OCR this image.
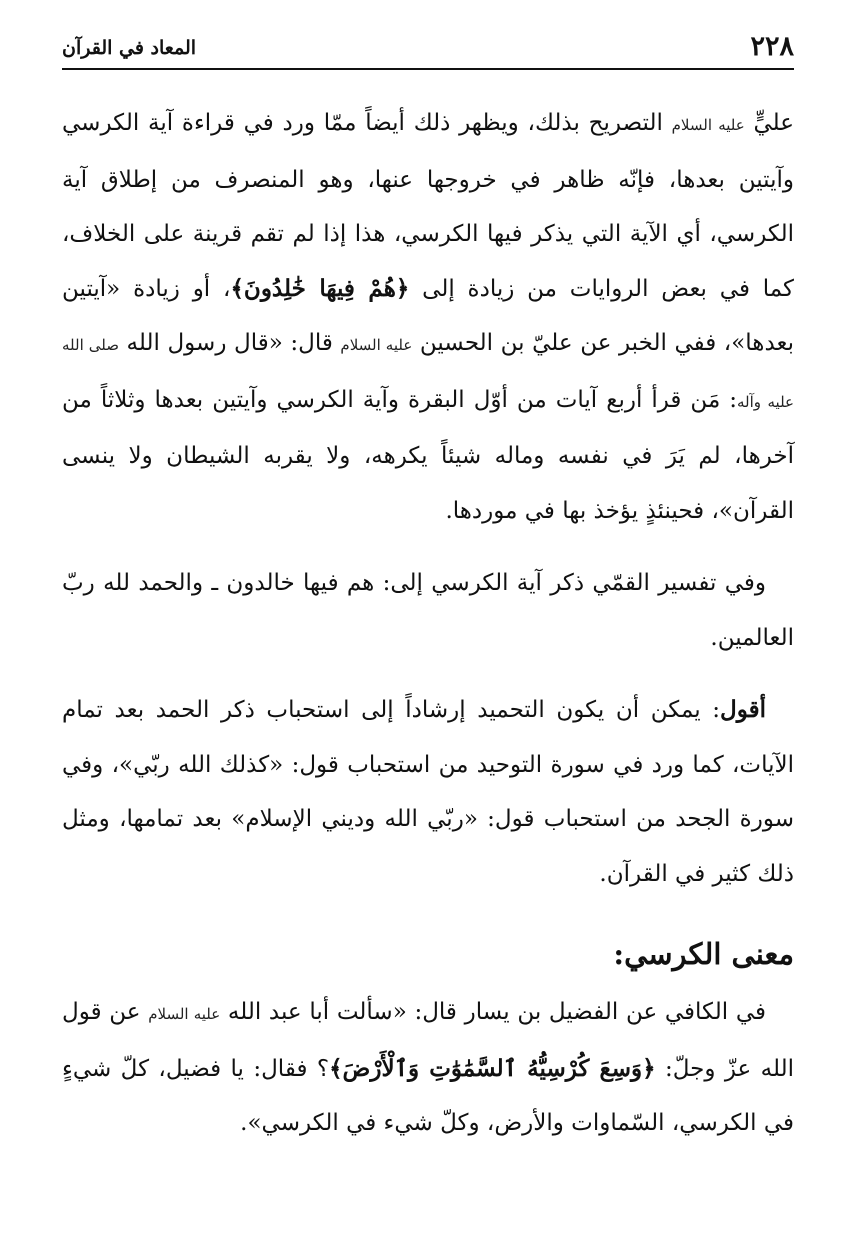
٢٢٨
المعاد في القرآن

عليٍّ عليه السلام التصريح بذلك، ويظهر ذلك أيضاً ممّا ورد في قراءة آية الكرسي وآيتين بعدها، فإنّه ظاهر في خروجها عنها، وهو المنصرف من إطلاق آية الكرسي، أي الآية التي يذكر فيها الكرسي، هذا إذا لم تقم قرينة على الخلاف، كما في بعض الروايات من زيادة إلى ﴿هُمْ فِيهَا خَٰلِدُونَ﴾، أو زيادة «آيتين بعدها»، ففي الخبر عن عليّ بن الحسين عليه السلام قال: «قال رسول الله صلى الله عليه وآله: مَن قرأ أربع آيات من أوّل البقرة وآية الكرسي وآيتين بعدها وثلاثاً من آخرها، لم يَرَ في نفسه وماله شيئاً يكرهه، ولا يقربه الشيطان ولا ينسى القرآن»، فحينئذٍ يؤخذ بها في موردها.

وفي تفسير القمّي ذكر آية الكرسي إلى: هم فيها خالدون ـ والحمد لله ربّ العالمين.

أقول: يمكن أن يكون التحميد إرشاداً إلى استحباب ذكر الحمد بعد تمام الآيات، كما ورد في سورة التوحيد من استحباب قول: «كذلك الله ربّي»، وفي سورة الجحد من استحباب قول: «ربّي الله وديني الإسلام» بعد تمامها، ومثل ذلك كثير في القرآن.

معنى الكرسي:

في الكافي عن الفضيل بن يسار قال: «سألت أبا عبد الله عليه السلام عن قول الله عزّ وجلّ: ﴿وَسِعَ كُرْسِيُّهُ ٱلسَّمَٰوَٰتِ وَٱلْأَرْضَ﴾؟ فقال: يا فضيل، كلّ شيءٍ في الكرسي، السّماوات والأرض، وكلّ شيء في الكرسي».
